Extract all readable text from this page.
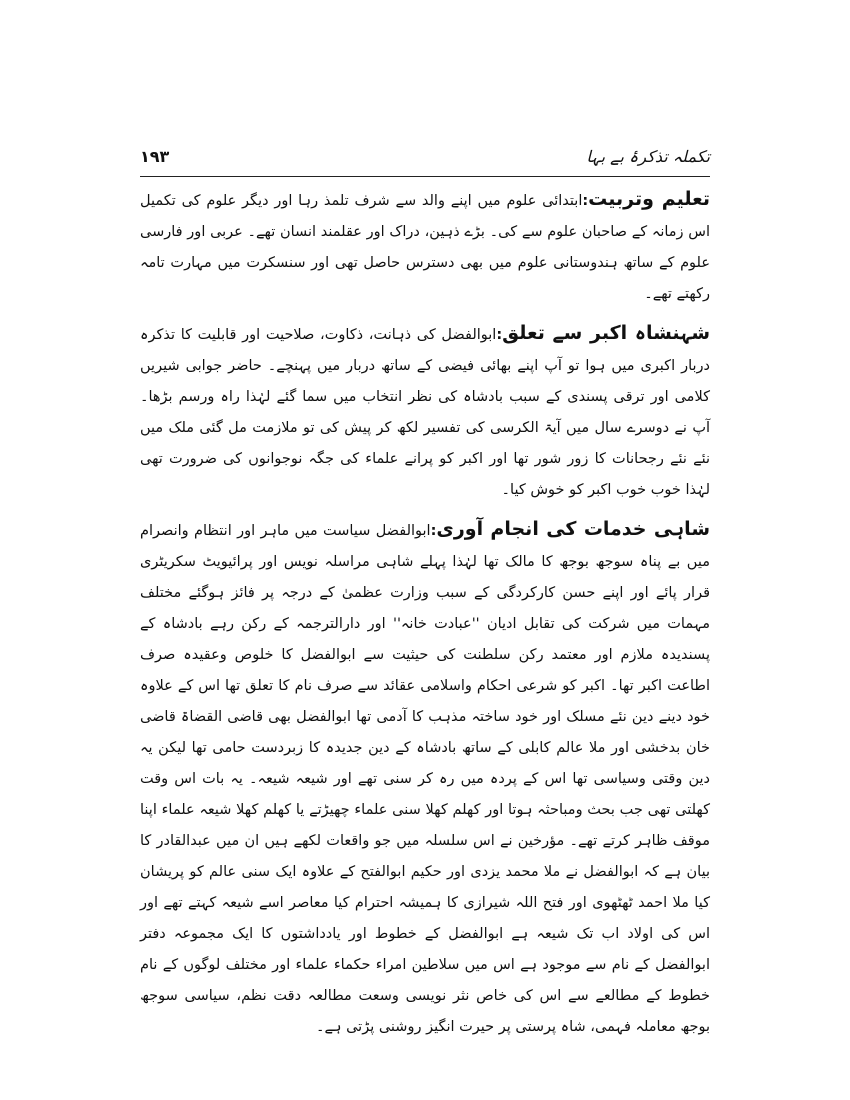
تکملہ تذکرۂ بے بہا
۱۹۳

تعلیم وتربیت:ابتدائی علوم میں اپنے والد سے شرف تلمذ رہا اور دیگر علوم کی تکمیل اس زمانہ کے صاحبان علوم سے کی۔ بڑے ذہین، دراک اور عقلمند انسان تھے۔ عربی اور فارسی علوم کے ساتھ ہندوستانی علوم میں بھی دسترس حاصل تھی اور سنسکرت میں مہارت تامہ رکھتے تھے۔

شہنشاہ اکبر سے تعلق:ابوالفضل کی ذہانت، ذکاوت، صلاحیت اور قابلیت کا تذکرہ دربار اکبری میں ہوا تو آپ اپنے بھائی فیضی کے ساتھ دربار میں پہنچے۔ حاضر جوابی شیریں کلامی اور ترقی پسندی کے سبب بادشاہ کی نظر انتخاب میں سما گئے لہٰذا راہ ورسم بڑھا۔ آپ نے دوسرے سال میں آیۃ الکرسی کی تفسیر لکھ کر پیش کی تو ملازمت مل گئی ملک میں نئے نئے رجحانات کا زور شور تھا اور اکبر کو پرانے علماء کی جگہ نوجوانوں کی ضرورت تھی لہٰذا خوب خوب اکبر کو خوش کیا۔

شاہی خدمات کی انجام آوری:ابوالفضل سیاست میں ماہر اور انتظام وانصرام میں بے پناہ سوجھ بوجھ کا مالک تھا لہٰذا پہلے شاہی مراسلہ نویس اور پرائیویٹ سکریٹری قرار پائے اور اپنے حسن کارکردگی کے سبب وزارت عظمیٰ کے درجہ پر فائز ہوگئے مختلف مہمات میں شرکت کی تقابل ادیان ''عبادت خانہ'' اور دارالترجمہ کے رکن رہے بادشاہ کے پسندیدہ ملازم اور معتمد رکن سلطنت کی حیثیت سے ابوالفضل کا خلوص وعقیدہ صرف اطاعت اکبر تھا۔ اکبر کو شرعی احکام واسلامی عقائد سے صرف نام کا تعلق تھا اس کے علاوہ خود دینے دین نئے مسلک اور خود ساختہ مذہب کا آدمی تھا ابوالفضل بھی قاضی القضاۃ قاضی خان بدخشی اور ملا عالم کابلی کے ساتھ بادشاہ کے دین جدیدہ کا زبردست حامی تھا لیکن یہ دین وقتی وسیاسی تھا اس کے پردہ میں رہ کر سنی تھے اور شیعہ شیعہ۔ یہ بات اس وقت کھلتی تھی جب بحث ومباحثہ ہوتا اور کھلم کھلا سنی علماء چھیڑتے یا کھلم کھلا شیعہ علماء اپنا موقف ظاہر کرتے تھے۔ مؤرخین نے اس سلسلہ میں جو واقعات لکھے ہیں ان میں عبدالقادر کا بیان ہے کہ ابوالفضل نے ملا محمد یزدی اور حکیم ابوالفتح کے علاوہ ایک سنی عالم کو پریشان کیا ملا احمد ٹھٹھوی اور فتح اللہ شیرازی کا ہمیشہ احترام کیا معاصر اسے شیعہ کہتے تھے اور اس کی اولاد اب تک شیعہ ہے ابوالفضل کے خطوط اور یادداشتوں کا ایک مجموعہ دفتر ابوالفضل کے نام سے موجود ہے اس میں سلاطین امراء حکماء علماء اور مختلف لوگوں کے نام خطوط کے مطالعے سے اس کی خاص نثر نویسی وسعت مطالعہ دقت نظم، سیاسی سوجھ بوجھ معاملہ فہمی، شاہ پرستی پر حیرت انگیز روشنی پڑتی ہے۔
